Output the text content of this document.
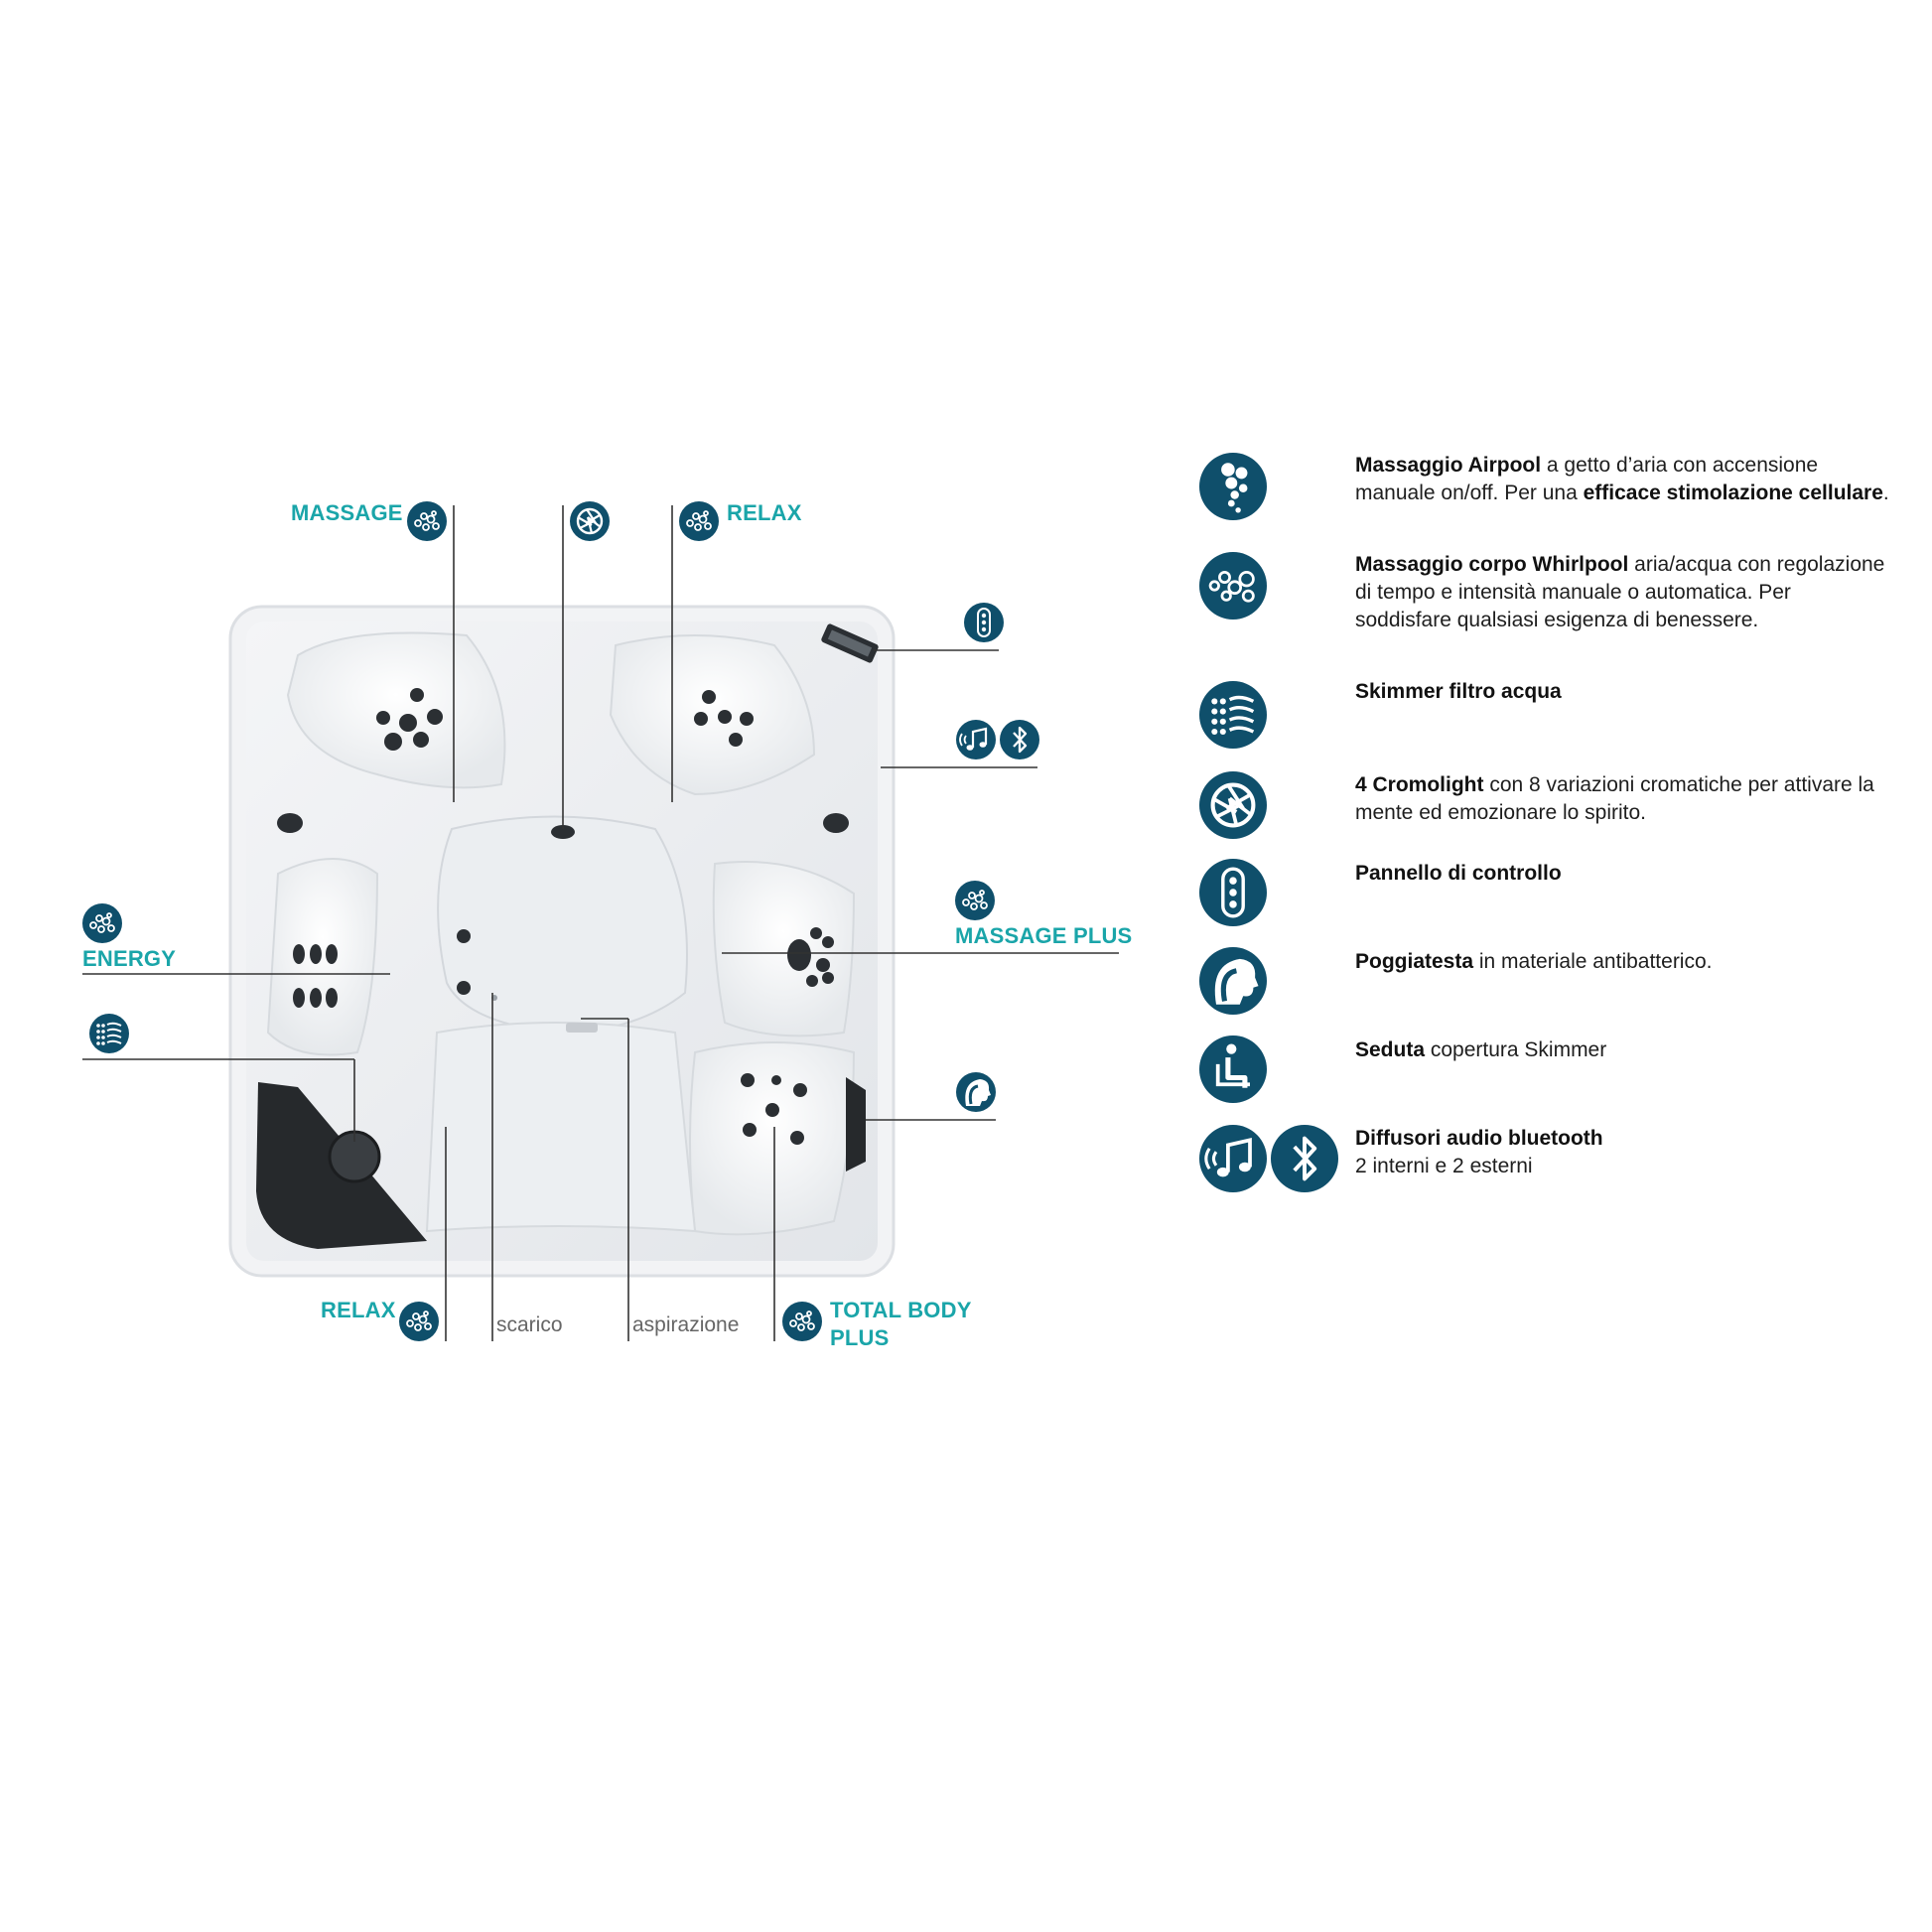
MASSAGE	RELAX
MASSAGE PLUS
ENERGY
RELAX	TOTAL BODY
PLUS
scarico	aspirazione
Massaggio Airpool a getto d’aria con accensione manuale on/off. Per una efficace stimolazione cellulare.
Massaggio corpo Whirlpool aria/acqua con regolazione di tempo e intensità manuale o automatica. Per soddisfare qualsiasi esigenza di benessere.
Skimmer filtro acqua
4 Cromolight con 8 variazioni cromatiche per attivare la mente ed emozionare lo spirito.
Pannello di controllo
Poggiatesta in materiale antibatterico.
Seduta copertura Skimmer
Diffusori audio bluetooth
2 interni e 2 esterni
